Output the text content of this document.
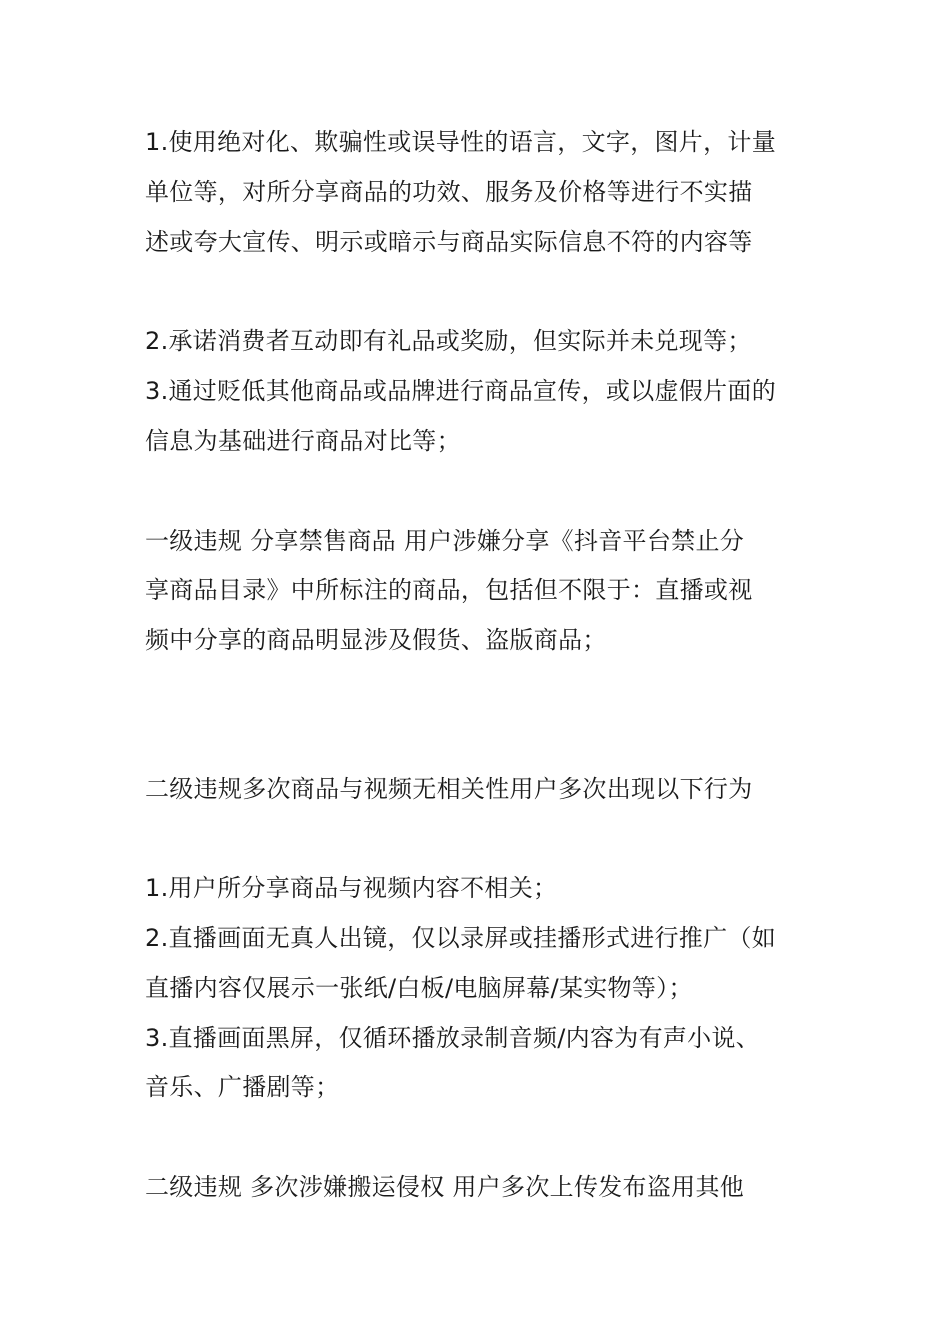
1.使用绝对化、欺骗性或误导性的语言，文字，图片，计量
单位等，对所分享商品的功效、服务及价格等进行不实描
述或夸大宣传、明示或暗示与商品实际信息不符的内容等
2.承诺消费者互动即有礼品或奖励，但实际并未兑现等；
3.通过贬低其他商品或品牌进行商品宣传，或以虚假片面的
信息为基础进行商品对比等；
一级违规 分享禁售商品 用户涉嫌分享《抖音平台禁止分
享商品目录》中所标注的商品，包括但不限于：直播或视
频中分享的商品明显涉及假货、盗版商品；
二级违规多次商品与视频无相关性用户多次出现以下行为
1.用户所分享商品与视频内容不相关；
2.直播画面无真人出镜，仅以录屏或挂播形式进行推广（如
直播内容仅展示一张纸/白板/电脑屏幕/某实物等）；
3.直播画面黑屏，仅循环播放录制音频/内容为有声小说、
音乐、广播剧等；
二级违规 多次涉嫌搬运侵权 用户多次上传发布盗用其他
